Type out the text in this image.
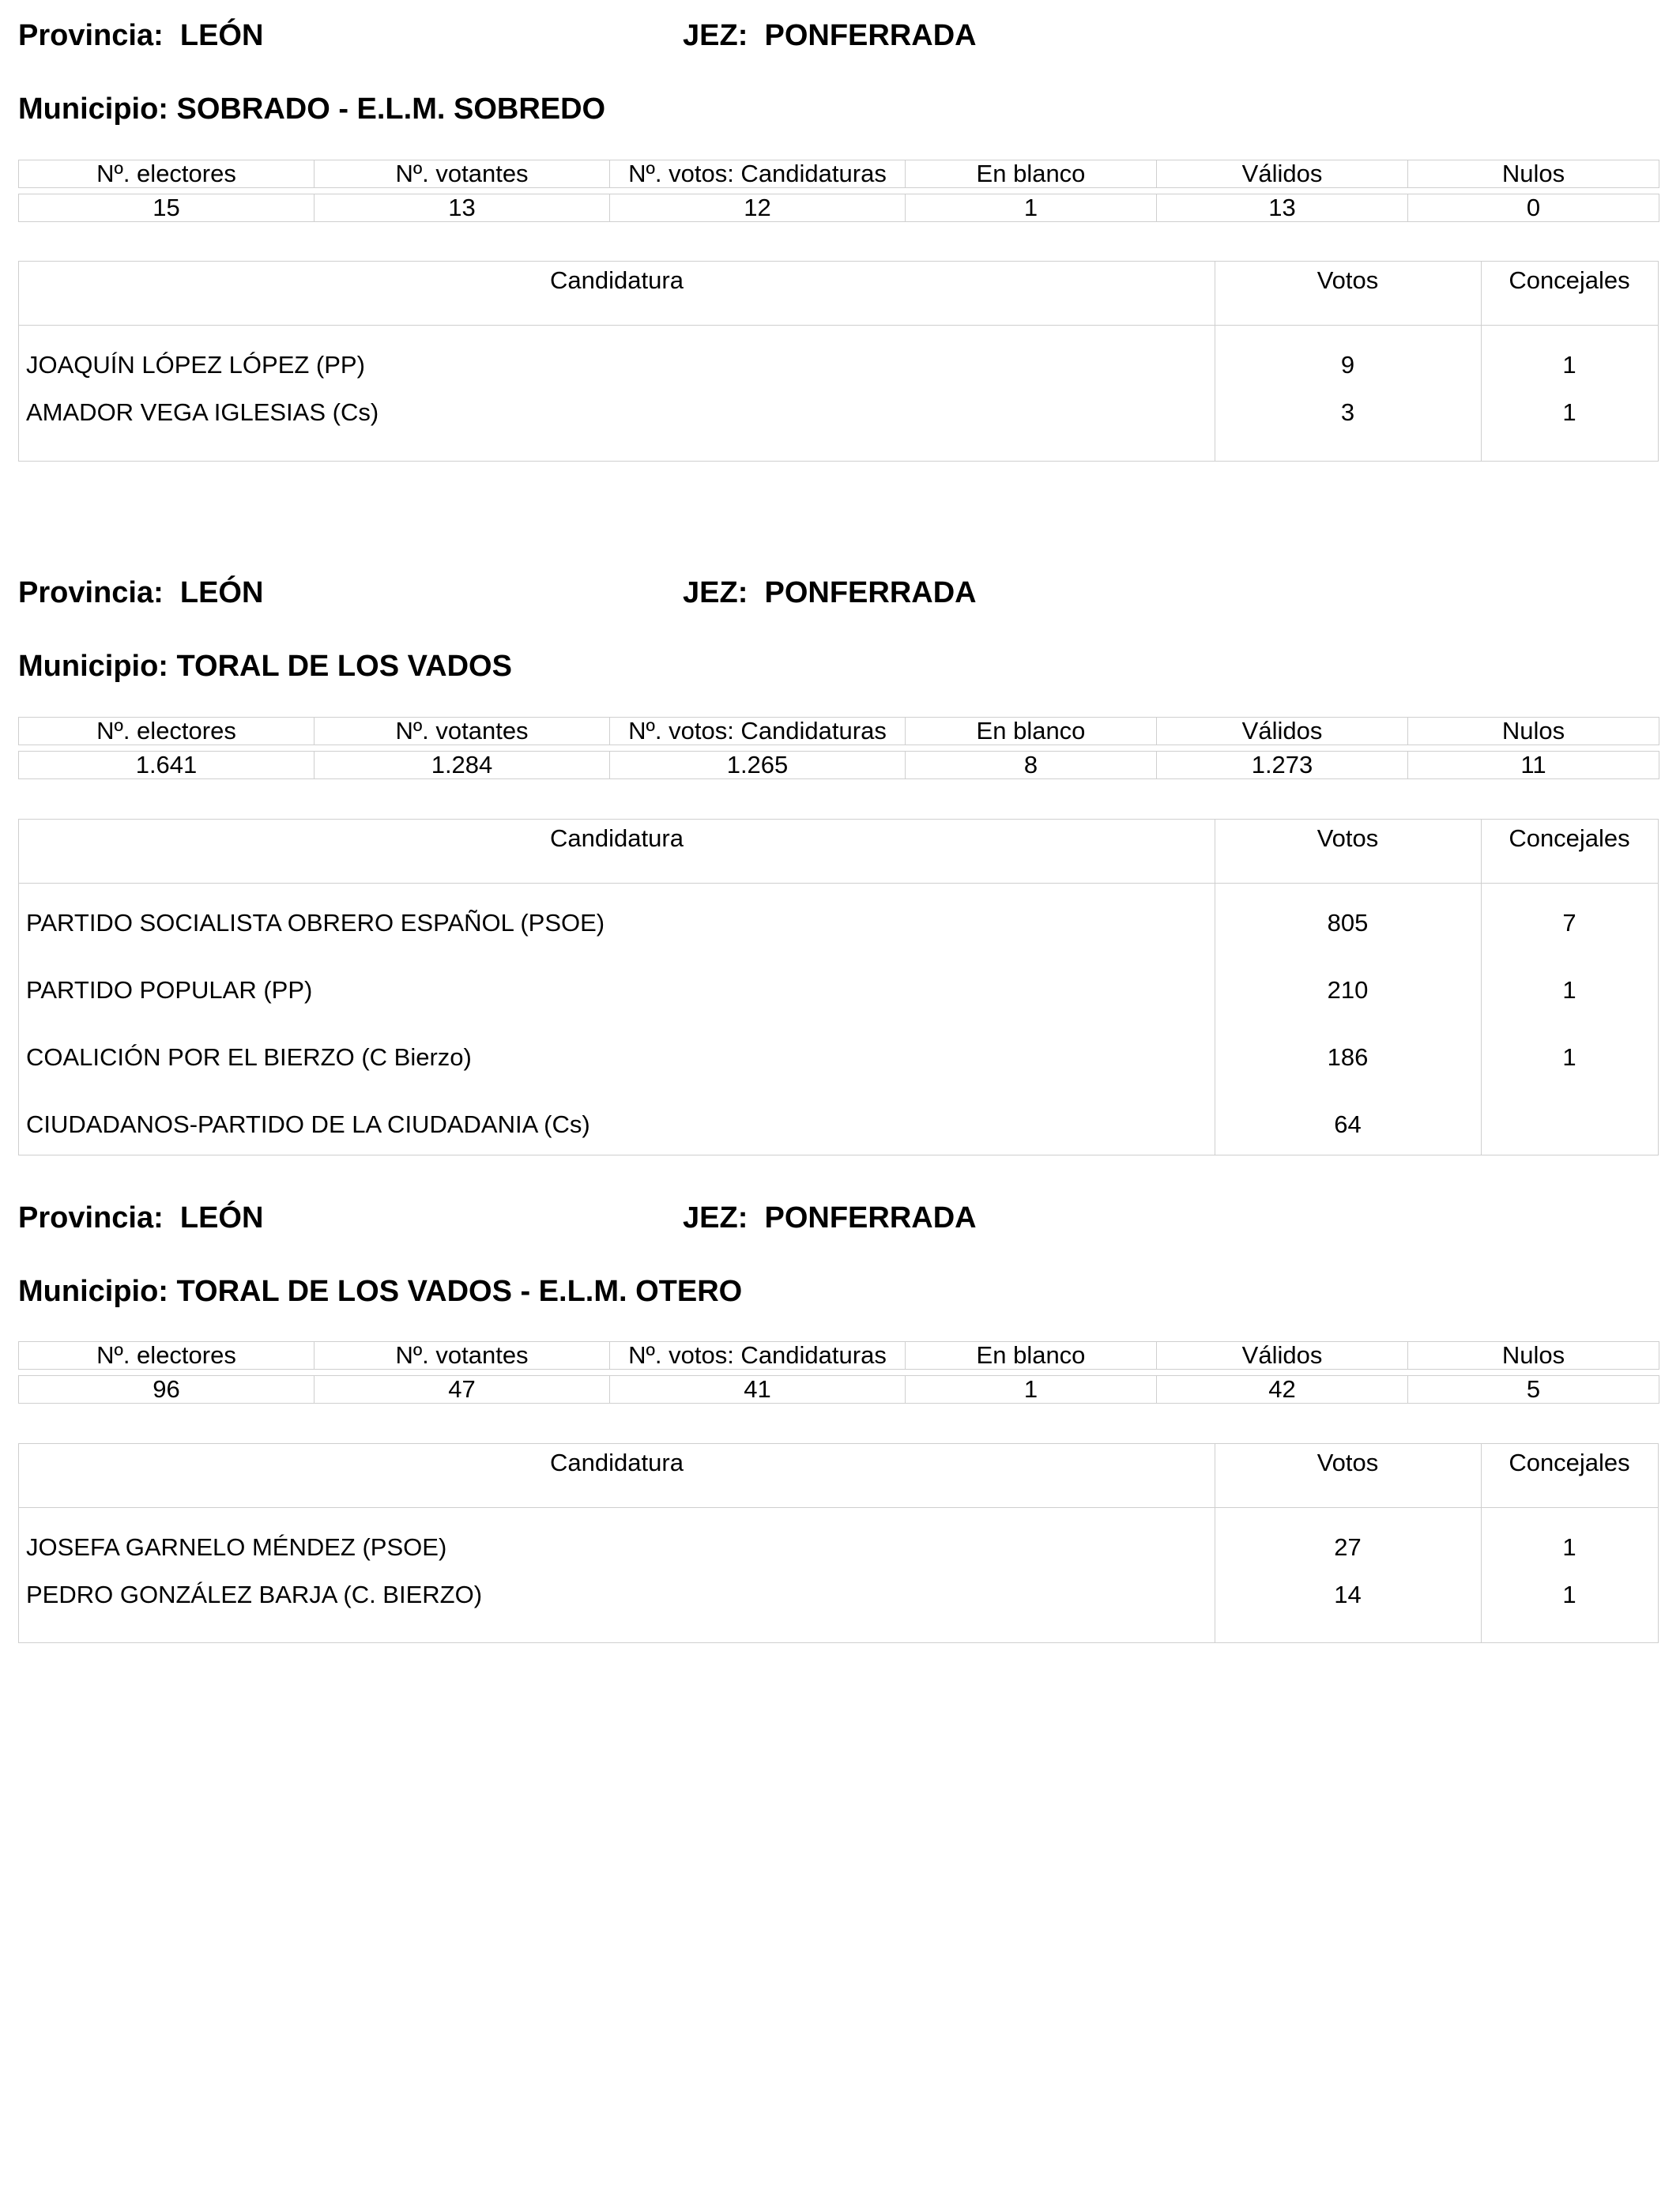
Provincia: LEÓN	JEZ: PONFERRADA
Municipio: SOBRADO - E.L.M. SOBREDO
Nº. electores	Nº. votantes	Nº. votos: Candidaturas	En blanco	Válidos	Nulos

15	13	12	1	13	0
Candidatura	Votos	Concejales
JOAQUÍN LÓPEZ LÓPEZ (PP)	9	1
AMADOR VEGA IGLESIAS (Cs)	3	1
Provincia: LEÓN	JEZ: PONFERRADA
Municipio: TORAL DE LOS VADOS
Nº. electores	Nº. votantes	Nº. votos: Candidaturas	En blanco	Válidos	Nulos

1.641	1.284	1.265	8	1.273	11
Candidatura	Votos	Concejales
PARTIDO SOCIALISTA OBRERO ESPAÑOL (PSOE)	805	7
PARTIDO POPULAR (PP)	210	1
COALICIÓN POR EL BIERZO (C Bierzo)	186	1
CIUDADANOS-PARTIDO DE LA CIUDADANIA (Cs)	64
Provincia: LEÓN	JEZ: PONFERRADA
Municipio: TORAL DE LOS VADOS - E.L.M. OTERO
Nº. electores	Nº. votantes	Nº. votos: Candidaturas	En blanco	Válidos	Nulos

96	47	41	1	42	5
Candidatura	Votos	Concejales
JOSEFA GARNELO MÉNDEZ (PSOE)	27	1
PEDRO GONZÁLEZ BARJA (C. BIERZO)	14	1
